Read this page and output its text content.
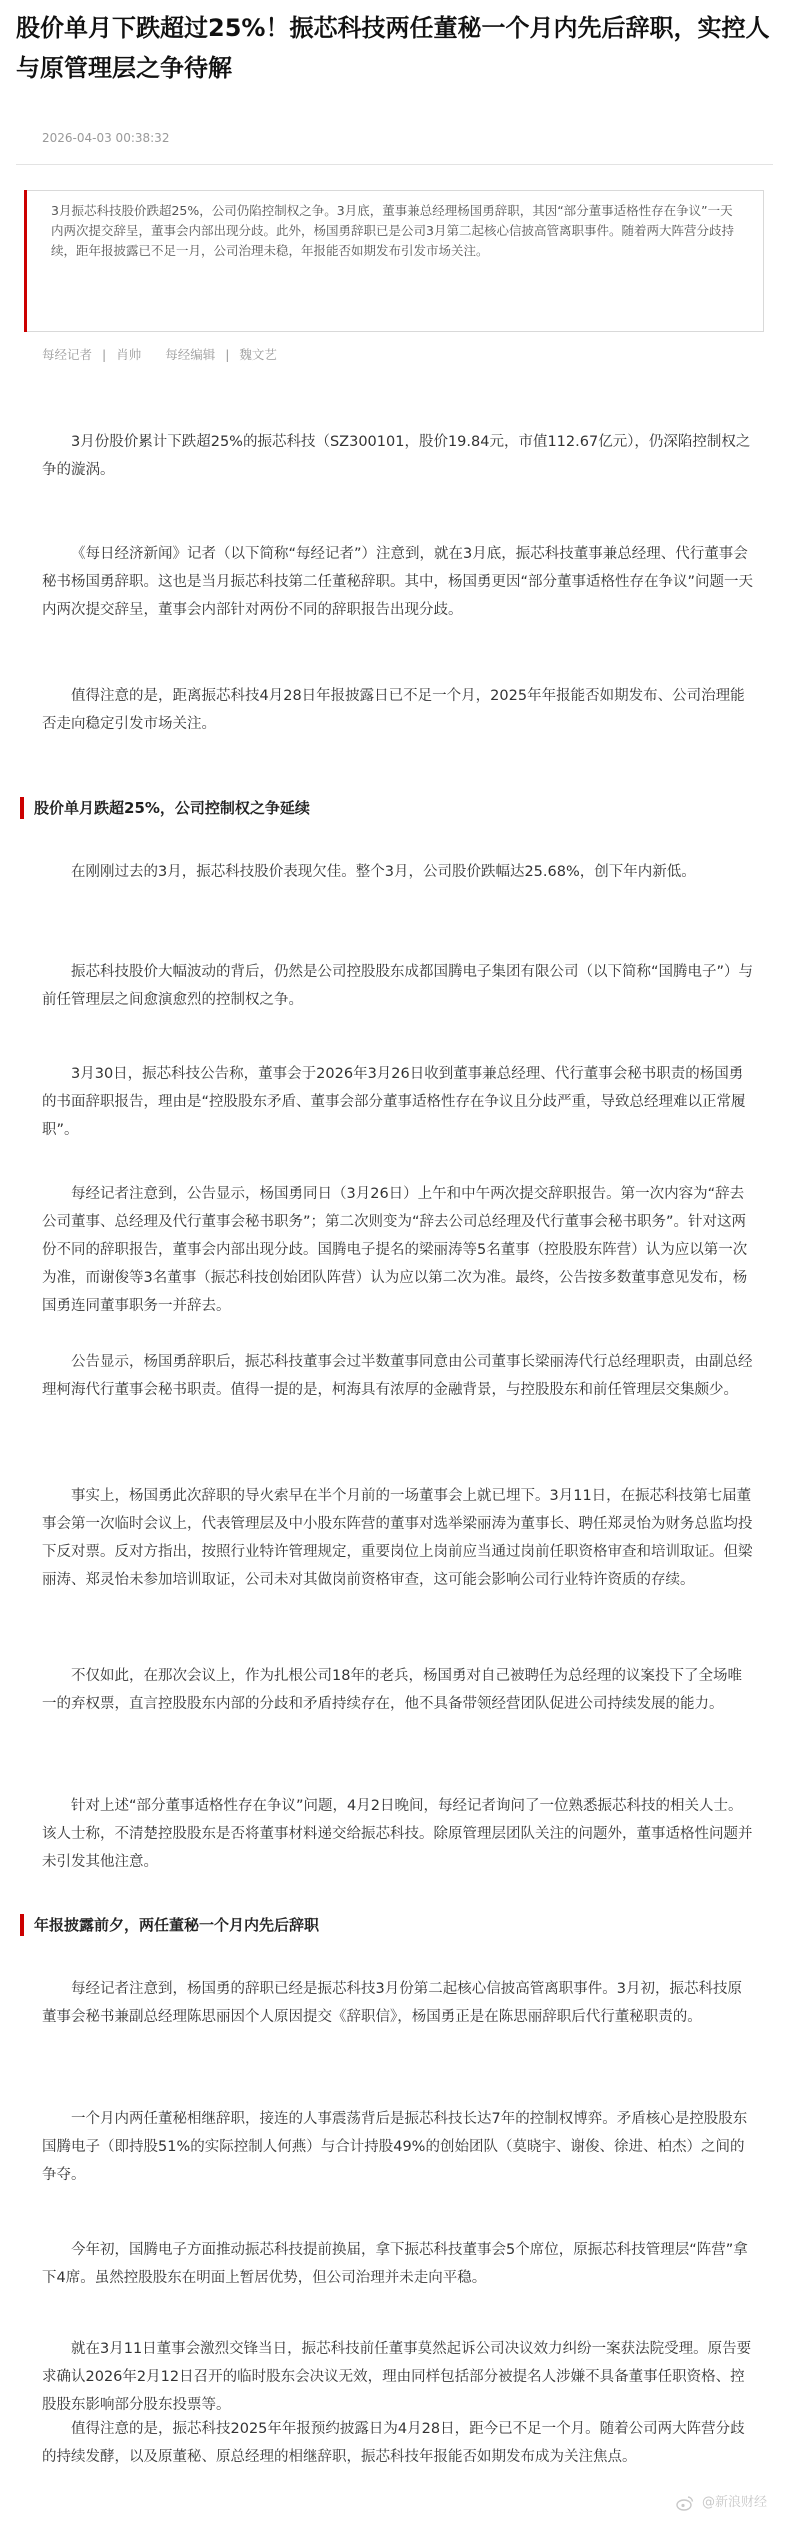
股价单月下跌超过25%！振芯科技两任董秘一个月内先后辞职，实控人与原管理层之争待解
2026-04-03 00:38:32
3月振芯科技股价跌超25%，公司仍陷控制权之争。3月底，董事兼总经理杨国勇辞职，其因“部分董事适格性存在争议”一天内两次提交辞呈，董事会内部出现分歧。此外，杨国勇辞职已是公司3月第二起核心信披高管离职事件。随着两大阵营分歧持续，距年报披露已不足一月，公司治理未稳，年报能否如期发布引发市场关注。
每经记者 | 肖帅 每经编辑 | 魏文艺

3月份股价累计下跌超25%的振芯科技（SZ300101，股价19.84元，市值112.67亿元），仍深陷控制权之争的漩涡。

《每日经济新闻》记者（以下简称“每经记者”）注意到，就在3月底，振芯科技董事兼总经理、代行董事会秘书杨国勇辞职。这也是当月振芯科技第二任董秘辞职。其中，杨国勇更因“部分董事适格性存在争议”问题一天内两次提交辞呈，董事会内部针对两份不同的辞职报告出现分歧。

值得注意的是，距离振芯科技4月28日年报披露日已不足一个月，2025年年报能否如期发布、公司治理能否走向稳定引发市场关注。

股价单月跌超25%，公司控制权之争延续

在刚刚过去的3月，振芯科技股价表现欠佳。整个3月，公司股价跌幅达25.68%，创下年内新低。

振芯科技股价大幅波动的背后，仍然是公司控股股东成都国腾电子集团有限公司（以下简称“国腾电子”）与前任管理层之间愈演愈烈的控制权之争。

3月30日，振芯科技公告称，董事会于2026年3月26日收到董事兼总经理、代行董事会秘书职责的杨国勇的书面辞职报告，理由是“控股股东矛盾、董事会部分董事适格性存在争议且分歧严重，导致总经理难以正常履职”。

每经记者注意到，公告显示，杨国勇同日（3月26日）上午和中午两次提交辞职报告。第一次内容为“辞去公司董事、总经理及代行董事会秘书职务”；第二次则变为“辞去公司总经理及代行董事会秘书职务”。针对这两份不同的辞职报告，董事会内部出现分歧。国腾电子提名的梁丽涛等5名董事（控股股东阵营）认为应以第一次为准，而谢俊等3名董事（振芯科技创始团队阵营）认为应以第二次为准。最终，公告按多数董事意见发布，杨国勇连同董事职务一并辞去。

公告显示，杨国勇辞职后，振芯科技董事会过半数董事同意由公司董事长梁丽涛代行总经理职责，由副总经理柯海代行董事会秘书职责。值得一提的是，柯海具有浓厚的金融背景，与控股股东和前任管理层交集颇少。

事实上，杨国勇此次辞职的导火索早在半个月前的一场董事会上就已埋下。3月11日，在振芯科技第七届董事会第一次临时会议上，代表管理层及中小股东阵营的董事对选举梁丽涛为董事长、聘任郑灵怡为财务总监均投下反对票。反对方指出，按照行业特许管理规定，重要岗位上岗前应当通过岗前任职资格审查和培训取证。但梁丽涛、郑灵怡未参加培训取证，公司未对其做岗前资格审查，这可能会影响公司行业特许资质的存续。

不仅如此，在那次会议上，作为扎根公司18年的老兵，杨国勇对自己被聘任为总经理的议案投下了全场唯一的弃权票，直言控股股东内部的分歧和矛盾持续存在，他不具备带领经营团队促进公司持续发展的能力。

针对上述“部分董事适格性存在争议”问题，4月2日晚间，每经记者询问了一位熟悉振芯科技的相关人士。该人士称，不清楚控股股东是否将董事材料递交给振芯科技。除原管理层团队关注的问题外，董事适格性问题并未引发其他注意。

年报披露前夕，两任董秘一个月内先后辞职

每经记者注意到，杨国勇的辞职已经是振芯科技3月份第二起核心信披高管离职事件。3月初，振芯科技原董事会秘书兼副总经理陈思丽因个人原因提交《辞职信》，杨国勇正是在陈思丽辞职后代行董秘职责的。

一个月内两任董秘相继辞职，接连的人事震荡背后是振芯科技长达7年的控制权博弈。矛盾核心是控股股东国腾电子（即持股51%的实际控制人何燕）与合计持股49%的创始团队（莫晓宇、谢俊、徐进、柏杰）之间的争夺。

今年初，国腾电子方面推动振芯科技提前换届，拿下振芯科技董事会5个席位，原振芯科技管理层“阵营”拿下4席。虽然控股股东在明面上暂居优势，但公司治理并未走向平稳。

就在3月11日董事会激烈交锋当日，振芯科技前任董事莫然起诉公司决议效力纠纷一案获法院受理。原告要求确认2026年2月12日召开的临时股东会决议无效，理由同样包括部分被提名人涉嫌不具备董事任职资格、控股股东影响部分股东投票等。

值得注意的是，振芯科技2025年年报预约披露日为4月28日，距今已不足一个月。随着公司两大阵营分歧的持续发酵，以及原董秘、原总经理的相继辞职，振芯科技年报能否如期发布成为关注焦点。

@新浪财经
